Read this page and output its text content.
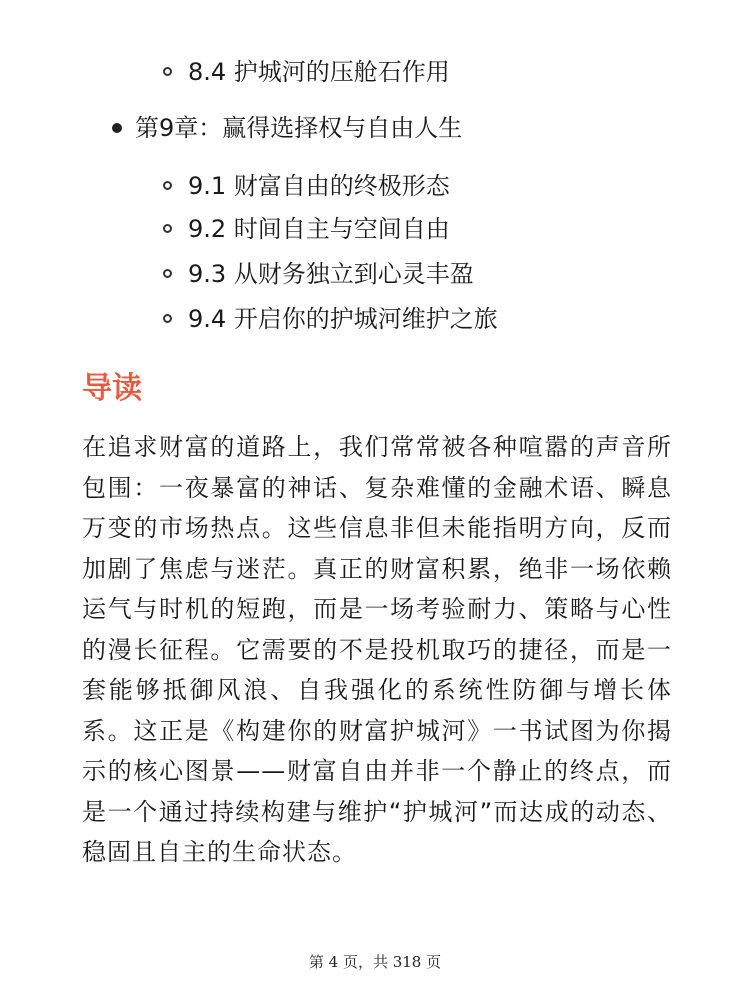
8.4 护城河的压舱石作用
第9章：赢得选择权与自由人生
9.1 财富自由的终极形态
9.2 时间自主与空间自由
9.3 从财务独立到心灵丰盈
9.4 开启你的护城河维护之旅
导读

在追求财富的道路上，我们常常被各种喧嚣的声音所包围：一夜暴富的神话、复杂难懂的金融术语、瞬息万变的市场热点。这些信息非但未能指明方向，反而加剧了焦虑与迷茫。真正的财富积累，绝非一场依赖运气与时机的短跑，而是一场考验耐力、策略与心性的漫长征程。它需要的不是投机取巧的捷径，而是一套能够抵御风浪、自我强化的系统性防御与增长体系。这正是《构建你的财富护城河》一书试图为你揭示的核心图景——财富自由并非一个静止的终点，而是一个通过持续构建与维护“护城河”而达成的动态、稳固且自主的生命状态。

第 4 页，共 318 页
